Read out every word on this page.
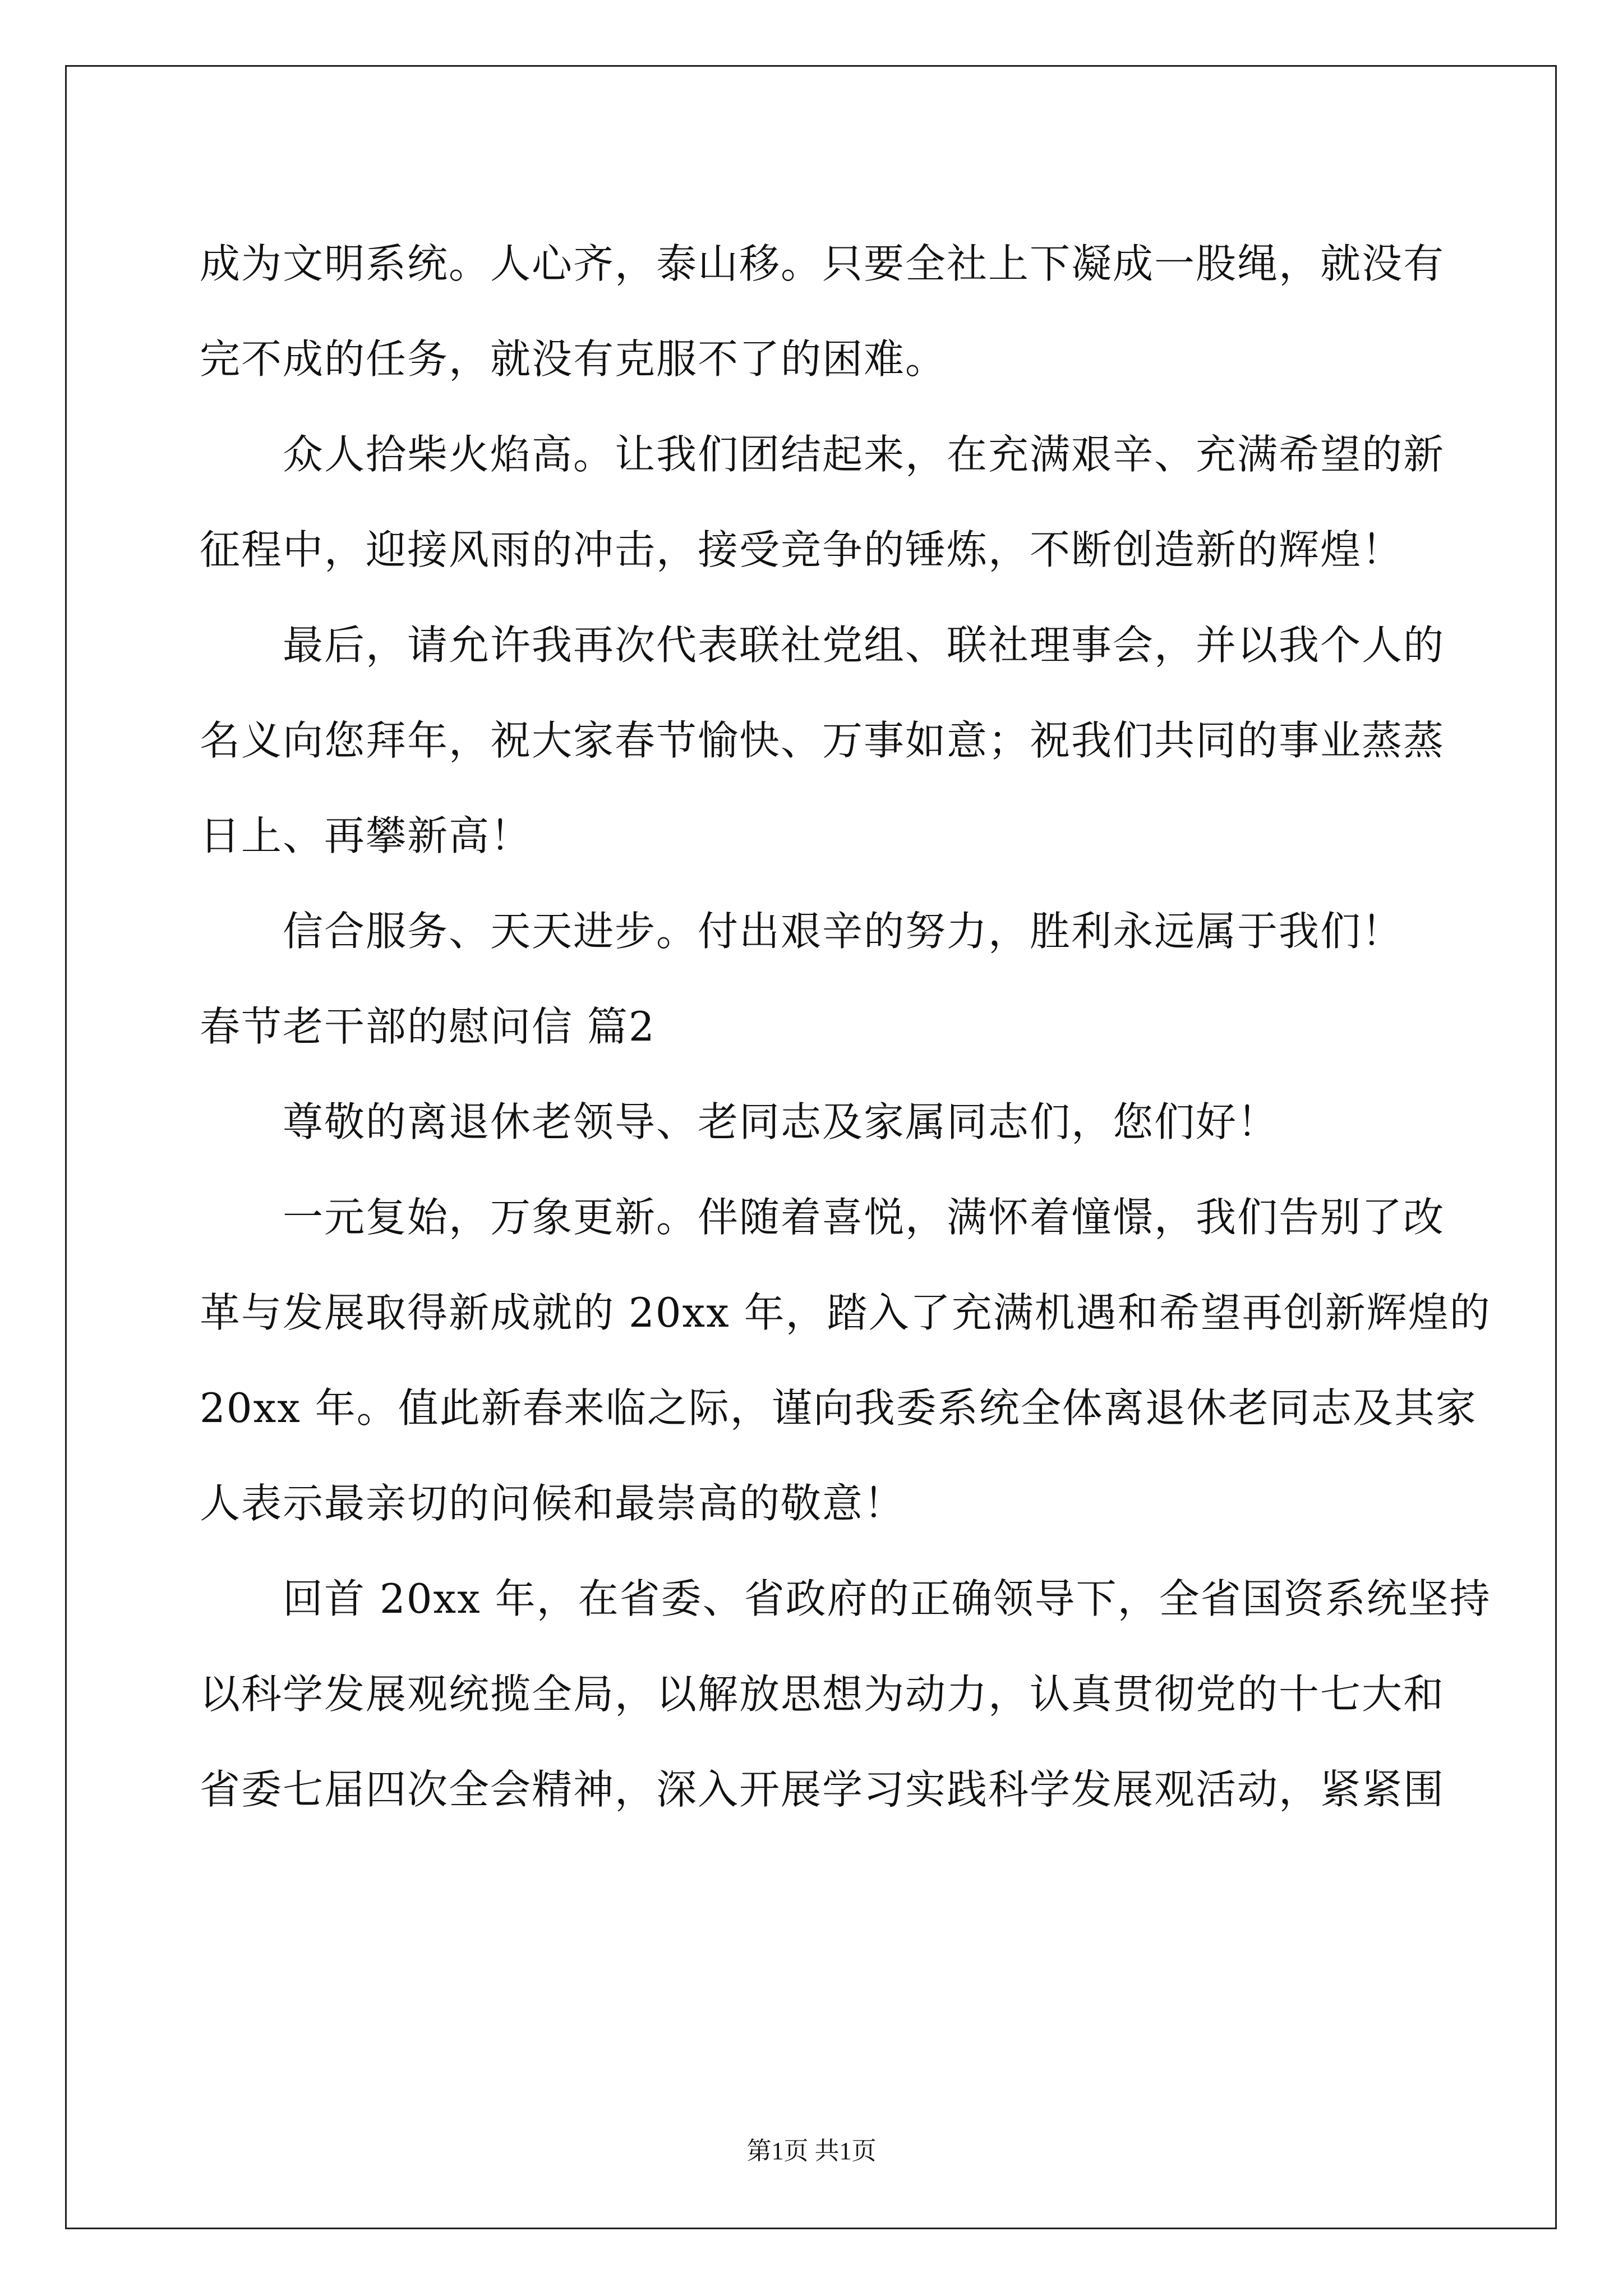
成为文明系统。人心齐，泰山移。只要全社上下凝成一股绳，就没有
完不成的任务，就没有克服不了的困难。
众人拾柴火焰高。让我们团结起来，在充满艰辛、充满希望的新
征程中，迎接风雨的冲击，接受竞争的锤炼，不断创造新的辉煌！
最后，请允许我再次代表联社党组、联社理事会，并以我个人的
名义向您拜年，祝大家春节愉快、万事如意；祝我们共同的事业蒸蒸
日上、再攀新高！
信合服务、天天进步。付出艰辛的努力，胜利永远属于我们！
春节老干部的慰问信 篇2
尊敬的离退休老领导、老同志及家属同志们，您们好！
一元复始，万象更新。伴随着喜悦，满怀着憧憬，我们告别了改
革与发展取得新成就的 20xx 年，踏入了充满机遇和希望再创新辉煌的
20xx 年。值此新春来临之际，谨向我委系统全体离退休老同志及其家
人表示最亲切的问候和最崇高的敬意！
回首 20xx 年，在省委、省政府的正确领导下，全省国资系统坚持
以科学发展观统揽全局，以解放思想为动力，认真贯彻党的十七大和
省委七届四次全会精神，深入开展学习实践科学发展观活动，紧紧围
第1页 共1页
